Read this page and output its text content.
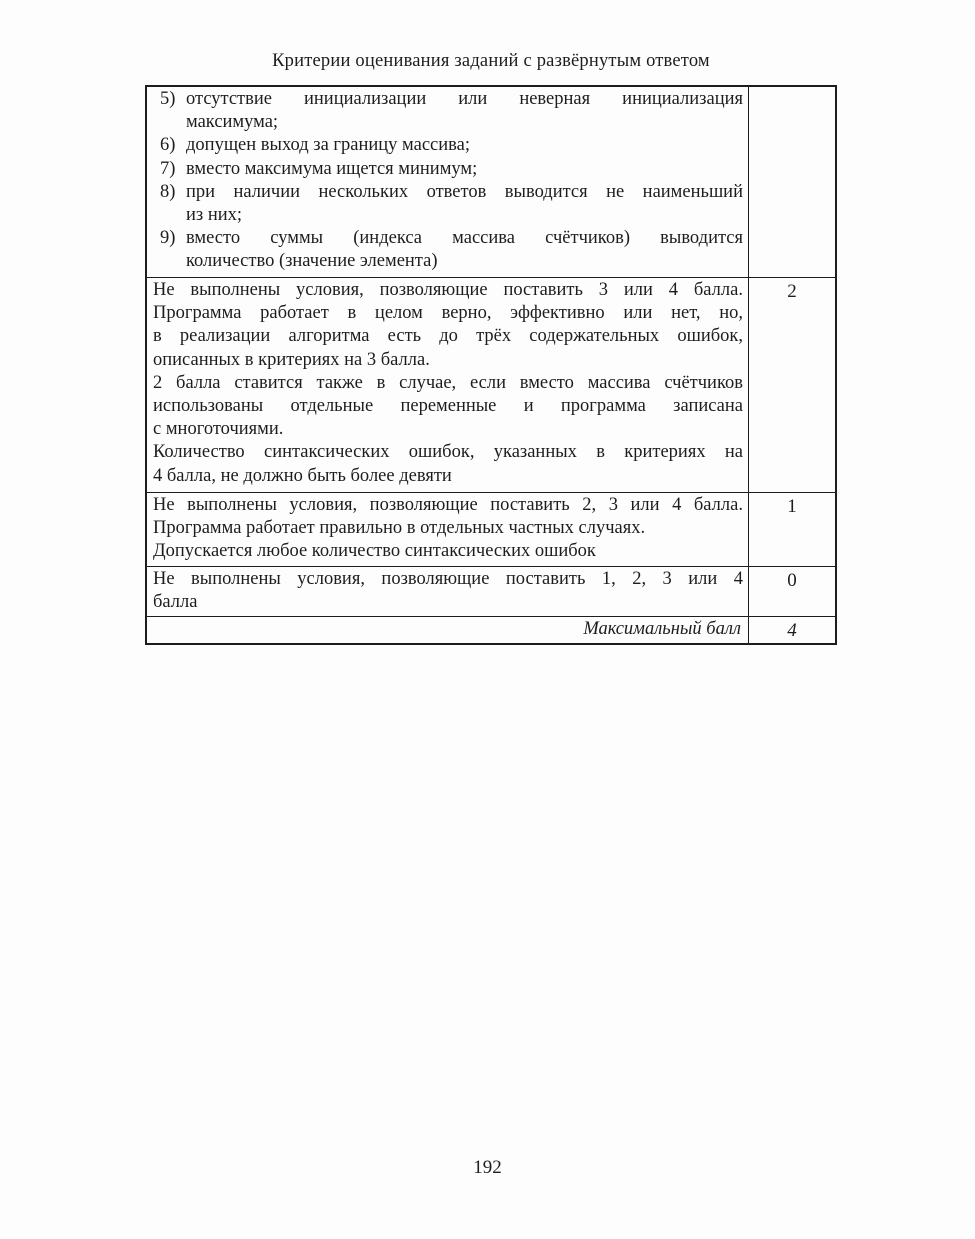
Критерии оценивания заданий с развёрнутым ответом
5) отсутствие инициализации или неверная инициализация
максимума;
6) допущен выход за границу массива;
7) вместо максимума ищется минимум;
8) при наличии нескольких ответов выводится не наименьший
из них;
9) вместо суммы (индекса массива счётчиков) выводится
количество (значение элемента)
Не выполнены условия, позволяющие поставить 3 или 4 балла.
Программа работает в целом верно, эффективно или нет, но,
в реализации алгоритма есть до трёх содержательных ошибок,
описанных в критериях на 3 балла.
2 балла ставится также в случае, если вместо массива счётчиков
использованы отдельные переменные и программа записана
с многоточиями.
Количество синтаксических ошибок, указанных в критериях на
4 балла, не должно быть более девяти
2
Не выполнены условия, позволяющие поставить 2, 3 или 4 балла.
Программа работает правильно в отдельных частных случаях.
Допускается любое количество синтаксических ошибок
1
Не выполнены условия, позволяющие поставить 1, 2, 3 или 4
балла
0
Максимальный балл	4
192
